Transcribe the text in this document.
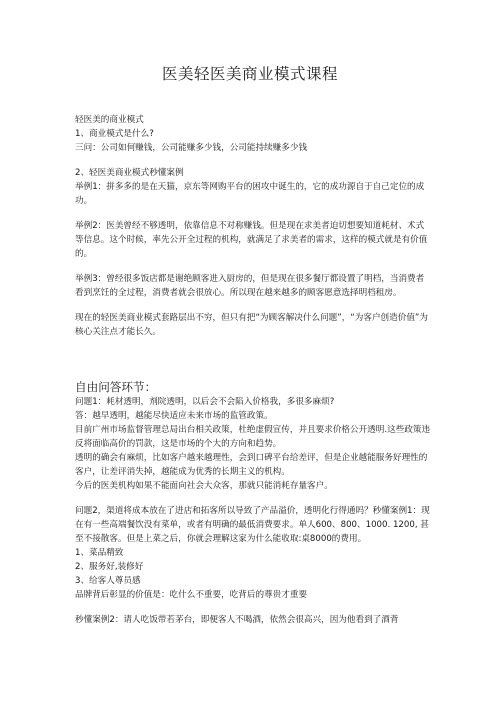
医美轻医美商业模式课程

轻医美的商业模式

1、商业模式是什么?

三问：公司如何赚钱，公司能赚多少钱，公司能持续赚多少钱

2、轻医美商业模式秒懂案例

举例1：拼多多的是在天猫，京东等网购平台的困攻中诞生的，它的成功源自于自己定位的成功。

举例2：医美曾经不够透明，依靠信息不对称赚钱。但是现在求美者迫切想要知道耗材、术式等信息。这个时候，率先公开全过程的机构，就满足了求美者的需求，这样的模式就是有价值的。

举例3：曾经很多饭店都是谢绝顾客进入厨房的，但是现在很多餐厅都设置了明档，当消费者看到烹饪的全过程，消费者就会很放心。所以现在越来越多的顾客愿意选择明档租房。

现在的轻医美商业模式套路层出不穷，但只有把“为顾客解决什么问题”，“为客户创造价值”为核心关注点才能长久。

自由问答环节：

问题1：耗材透明，剂院透明，以后会不会陷入价格我，多很多麻烦?

答：越早透明，越能尽快适应未来市场的监管政策。

目前广州市场监督管理总局出台相关政策，杜绝虚假宣传，并且要求价格公开透明.这些政策违反将面临高价的罚款，这是市场的个大的方向和趋势。

透明的确会有麻烦，比如客户越来越理性，会到口碑平台给差评，但是企业越能服务好理性的客户，让差评消失掉，越能成为优秀的长期主义的机构。

今后的医美机构如果不能面向社会大众客，那就只能消耗存量客户。

问题2，渠道将成本放在了进店和拓客所以导致了产品溢价，透明化行得通吗？秒懂案例1：现在有一些高端餐饮没有菜单，或者有明确的最低消费要求。单人600、800、1000. 1200, 甚至不接散客。但是上菜之后，你就会理解这家为什么能收取:桌8000的费用。

1、菜品精致

2、服务好,装修好

3、给客人尊员感

品牌背后彰显的价值是：吃什么不重要，吃背后的尊贵才重要

秒懂案例2：请人吃饭带若茅台，即便客人不喝酒，依然会很高兴，因为他看到了酒背
